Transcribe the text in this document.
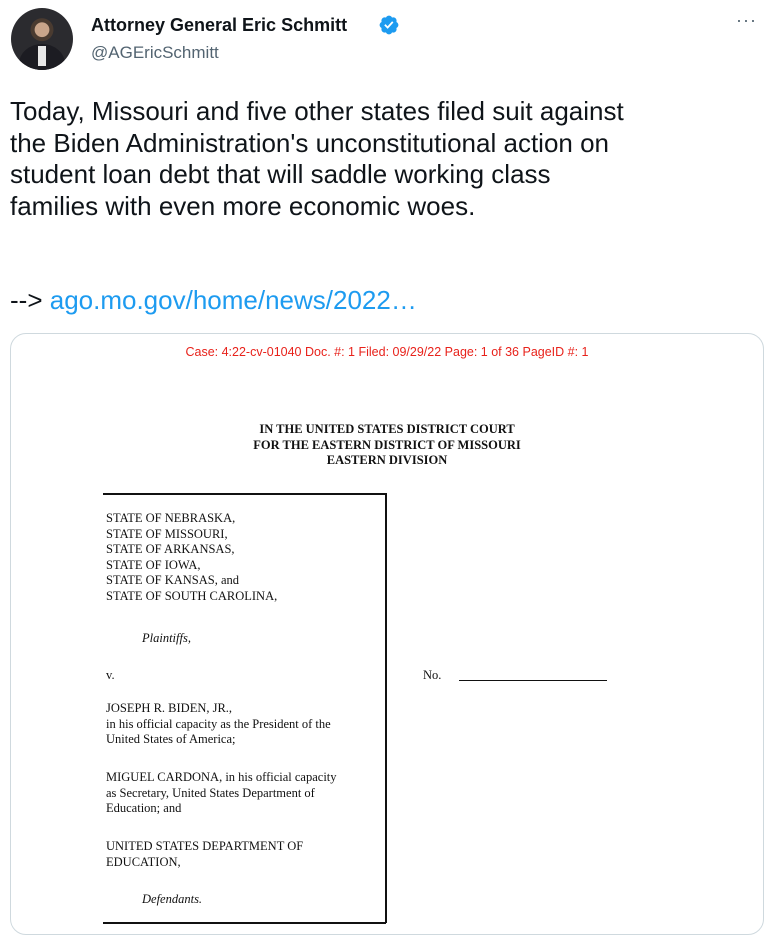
Attorney General Eric Schmitt
@AGEricSchmitt
···

Today, Missouri and five other states filed suit against

the Biden Administration's unconstitutional action on

student loan debt that will saddle working class

families with even more economic woes.

--> ago.mo.gov/home/news/2022…
Case: 4:22-cv-01040 Doc. #: 1 Filed: 09/29/22 Page: 1 of 36 PageID #: 1
IN THE UNITED STATES DISTRICT COURT
FOR THE EASTERN DISTRICT OF MISSOURI
EASTERN DIVISION
STATE OF NEBRASKA,
STATE OF MISSOURI,
STATE OF ARKANSAS,
STATE OF IOWA,
STATE OF KANSAS, and
STATE OF SOUTH CAROLINA,
Plaintiffs,
v.	No.
JOSEPH R. BIDEN, JR.,
in his official capacity as the President of the
United States of America;
MIGUEL CARDONA, in his official capacity
as Secretary, United States Department of
Education; and
UNITED STATES DEPARTMENT OF
EDUCATION,
Defendants.
